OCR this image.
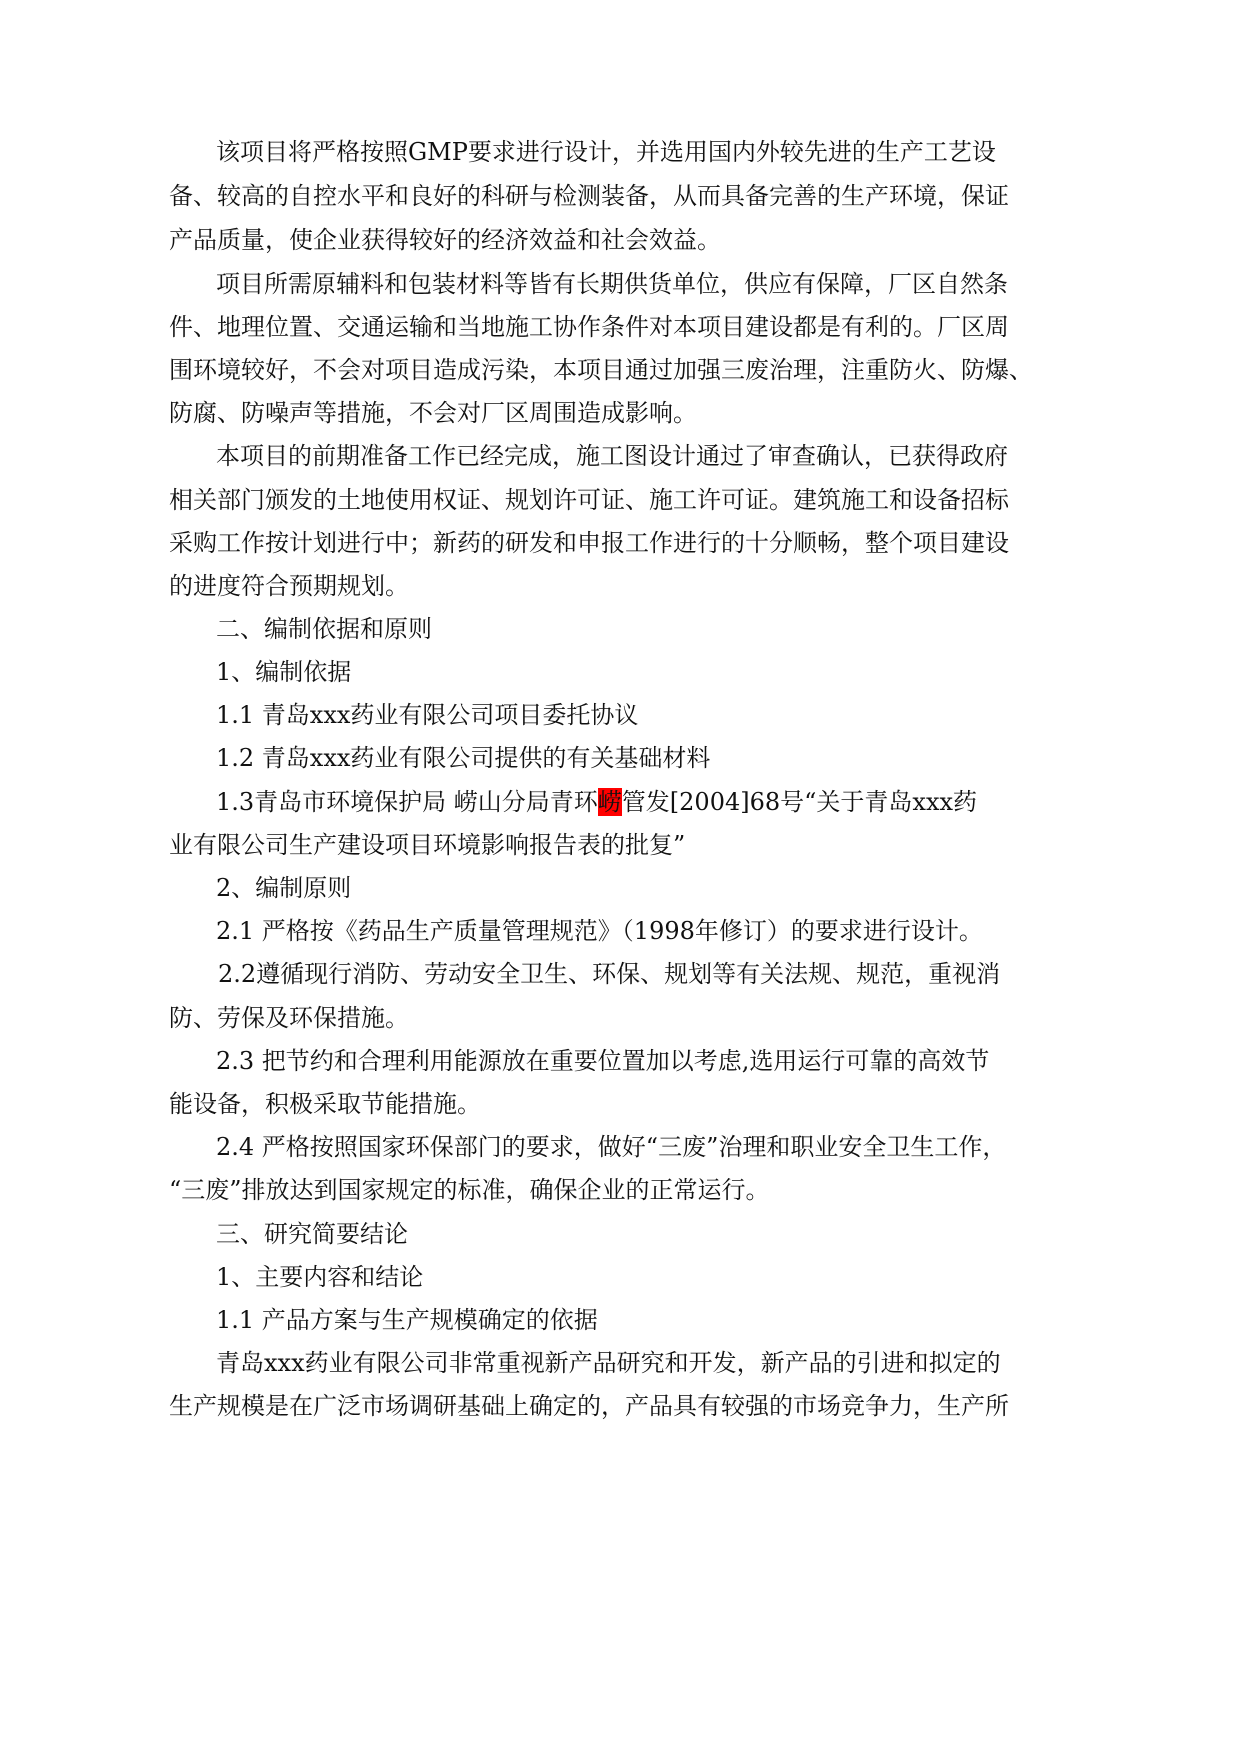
该项目将严格按照GMP要求进行设计，并选用国内外较先进的生产工艺设
备、较高的自控水平和良好的科研与检测装备，从而具备完善的生产环境，保证
产品质量，使企业获得较好的经济效益和社会效益。
项目所需原辅料和包装材料等皆有长期供货单位，供应有保障，厂区自然条
件、地理位置、交通运输和当地施工协作条件对本项目建设都是有利的。厂区周
围环境较好，不会对项目造成污染，本项目通过加强三废治理，注重防火、防爆、
防腐、防噪声等措施，不会对厂区周围造成影响。
本项目的前期准备工作已经完成，施工图设计通过了审查确认，已获得政府
相关部门颁发的土地使用权证、规划许可证、施工许可证。建筑施工和设备招标
采购工作按计划进行中；新药的研发和申报工作进行的十分顺畅，整个项目建设
的进度符合预期规划。
二、编制依据和原则
1、编制依据
1.1 青岛xxx药业有限公司项目委托协议
1.2 青岛xxx药业有限公司提供的有关基础材料
1.3青岛市环境保护局 崂山分局青环崂管发[2004]68号“关于青岛xxx药
业有限公司生产建设项目环境影响报告表的批复”
2、编制原则
2.1 严格按《药品生产质量管理规范》（1998年修订）的要求进行设计。
2.2遵循现行消防、劳动安全卫生、环保、规划等有关法规、规范，重视消
防、劳保及环保措施。
2.3 把节约和合理利用能源放在重要位置加以考虑,选用运行可靠的高效节
能设备，积极采取节能措施。
2.4 严格按照国家环保部门的要求，做好“三废”治理和职业安全卫生工作，
“三废”排放达到国家规定的标准，确保企业的正常运行。
三、研究简要结论
1、主要内容和结论
1.1 产品方案与生产规模确定的依据
青岛xxx药业有限公司非常重视新产品研究和开发，新产品的引进和拟定的
生产规模是在广泛市场调研基础上确定的，产品具有较强的市场竞争力，生产所
